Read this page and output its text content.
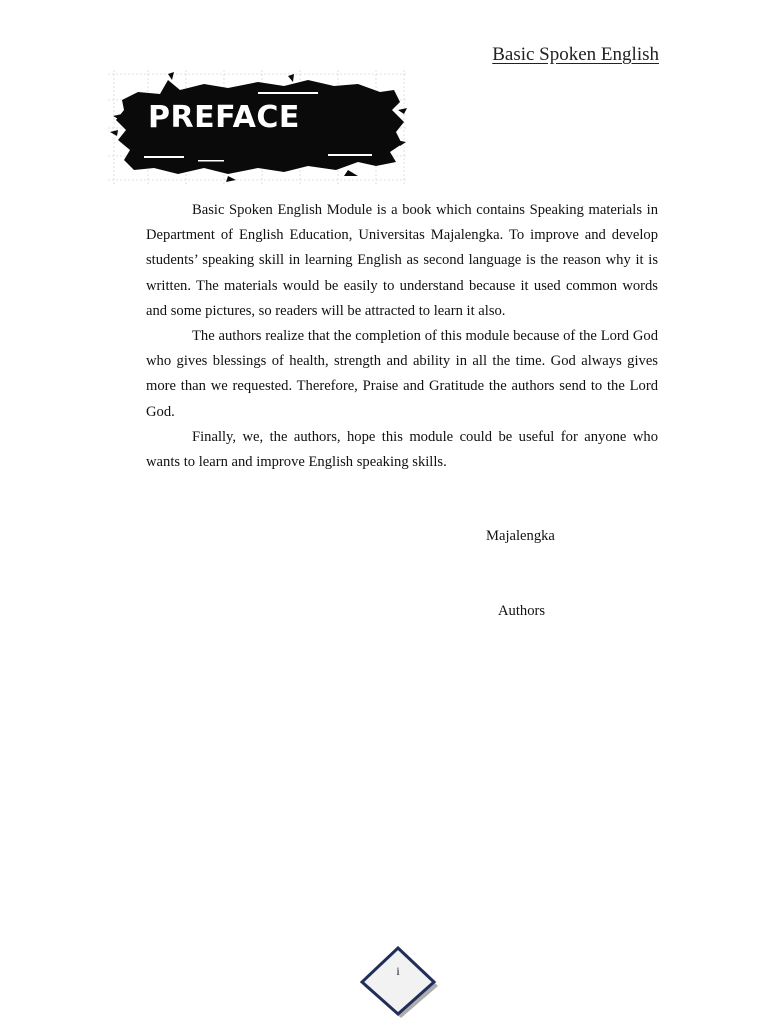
Basic Spoken English
PREFACE

Basic Spoken English Module is a book which contains Speaking materials in Department of English Education, Universitas Majalengka. To improve and develop students’ speaking skill in learning English as second language is the reason why it is written. The materials would be easily to understand because it used common words and some pictures, so readers will be attracted to learn it also.

The authors realize that the completion of this module because of the Lord God who gives blessings of health, strength and ability in all the time. God always gives more than we requested. Therefore, Praise and Gratitude the authors send to the Lord God.

Finally, we, the authors, hope this module could be useful for anyone who wants to learn and improve English speaking skills.

Majalengka
Authors
i
